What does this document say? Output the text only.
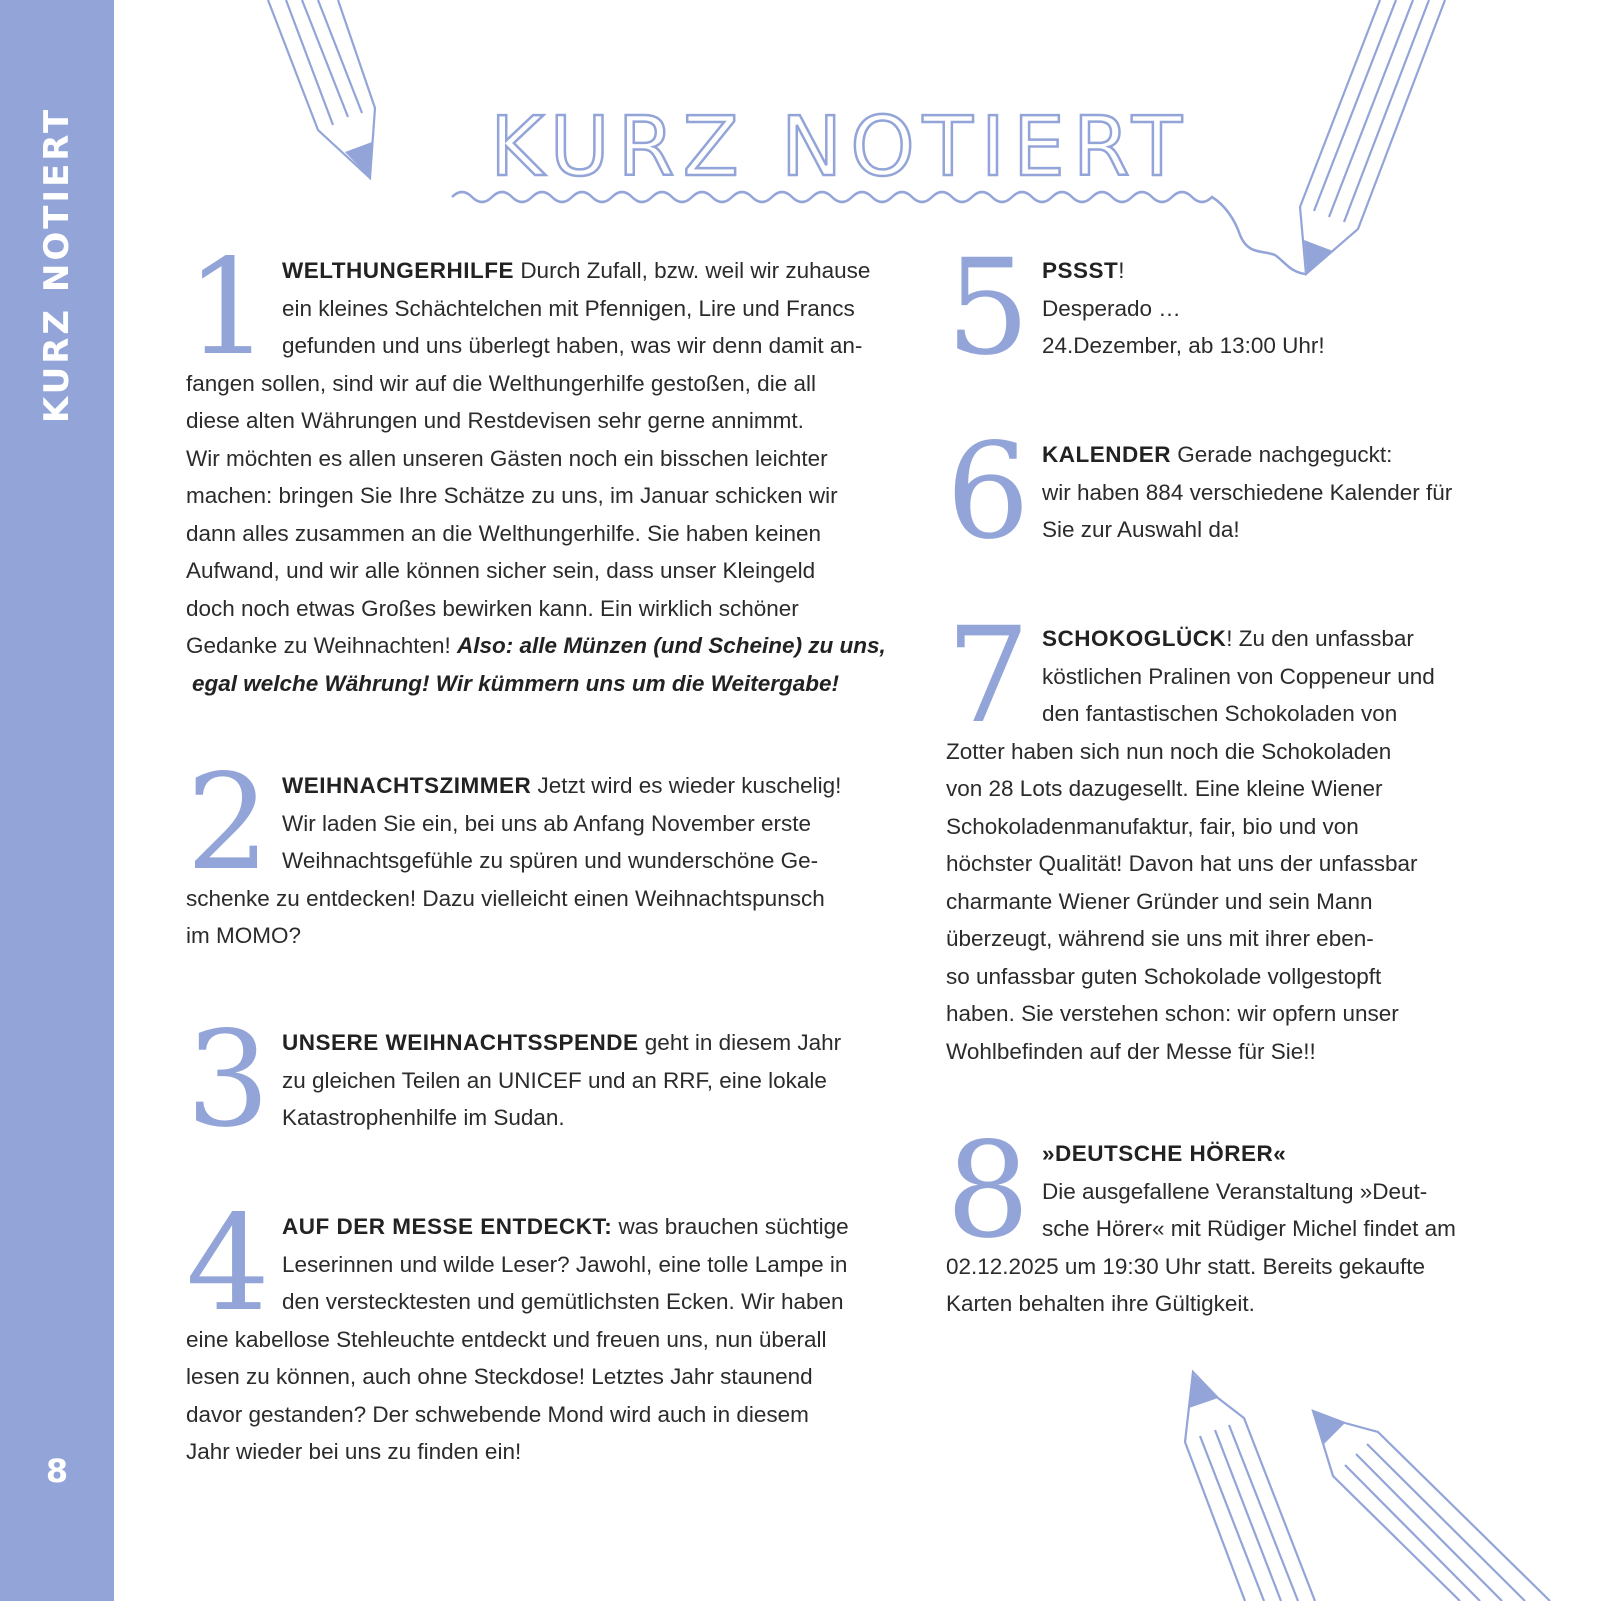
KURZ NOTIERT
8
KURZ NOTIERT
1 WELTHUNGERHILFE Durch Zufall, bzw. weil wir zuhause
ein kleines Schächtelchen mit Pfennigen, Lire und Francs
gefunden und uns überlegt haben, was wir denn damit an-
fangen sollen, sind wir auf die Welthungerhilfe gestoßen, die all
diese alten Währungen und Restdevisen sehr gerne annimmt.
Wir möchten es allen unseren Gästen noch ein bisschen leichter
machen: bringen Sie Ihre Schätze zu uns, im Januar schicken wir
dann alles zusammen an die Welthungerhilfe. Sie haben keinen
Aufwand, und wir alle können sicher sein, dass unser Kleingeld
doch noch etwas Großes bewirken kann. Ein wirklich schöner
Gedanke zu Weihnachten! Also: alle Münzen (und Scheine) zu uns,
egal welche Währung! Wir kümmern uns um die Weitergabe!
2 WEIHNACHTSZIMMER Jetzt wird es wieder kuschelig!
Wir laden Sie ein, bei uns ab Anfang November erste
Weihnachtsgefühle zu spüren und wunderschöne Ge-
schenke zu entdecken! Dazu vielleicht einen Weihnachtspunsch
im MOMO?
3 UNSERE WEIHNACHTSSPENDE geht in diesem Jahr
zu gleichen Teilen an UNICEF und an RRF, eine lokale
Katastrophenhilfe im Sudan.
4 AUF DER MESSE ENTDECKT: was brauchen süchtige
Leserinnen und wilde Leser? Jawohl, eine tolle Lampe in
den verstecktesten und gemütlichsten Ecken. Wir haben
eine kabellose Stehleuchte entdeckt und freuen uns, nun überall
lesen zu können, auch ohne Steckdose! Letztes Jahr staunend
davor gestanden? Der schwebende Mond wird auch in diesem
Jahr wieder bei uns zu finden ein!
5 PSSST!
Desperado …
24.Dezember, ab 13:00 Uhr!
6 KALENDER Gerade nachgeguckt:
wir haben 884 verschiedene Kalender für
Sie zur Auswahl da!
7 SCHOKOGLÜCK! Zu den unfassbar
köstlichen Pralinen von Coppeneur und
den fantastischen Schokoladen von
Zotter haben sich nun noch die Schokoladen
von 28 Lots dazugesellt. Eine kleine Wiener
Schokoladenmanufaktur, fair, bio und von
höchster Qualität! Davon hat uns der unfassbar
charmante Wiener Gründer und sein Mann
überzeugt, während sie uns mit ihrer eben-
so unfassbar guten Schokolade vollgestopft
haben. Sie verstehen schon: wir opfern unser
Wohlbefinden auf der Messe für Sie!!
8 »DEUTSCHE HÖRER«
Die ausgefallene Veranstaltung »Deut-
sche Hörer« mit Rüdiger Michel findet am
02.12.2025 um 19:30 Uhr statt. Bereits gekaufte
Karten behalten ihre Gültigkeit.
